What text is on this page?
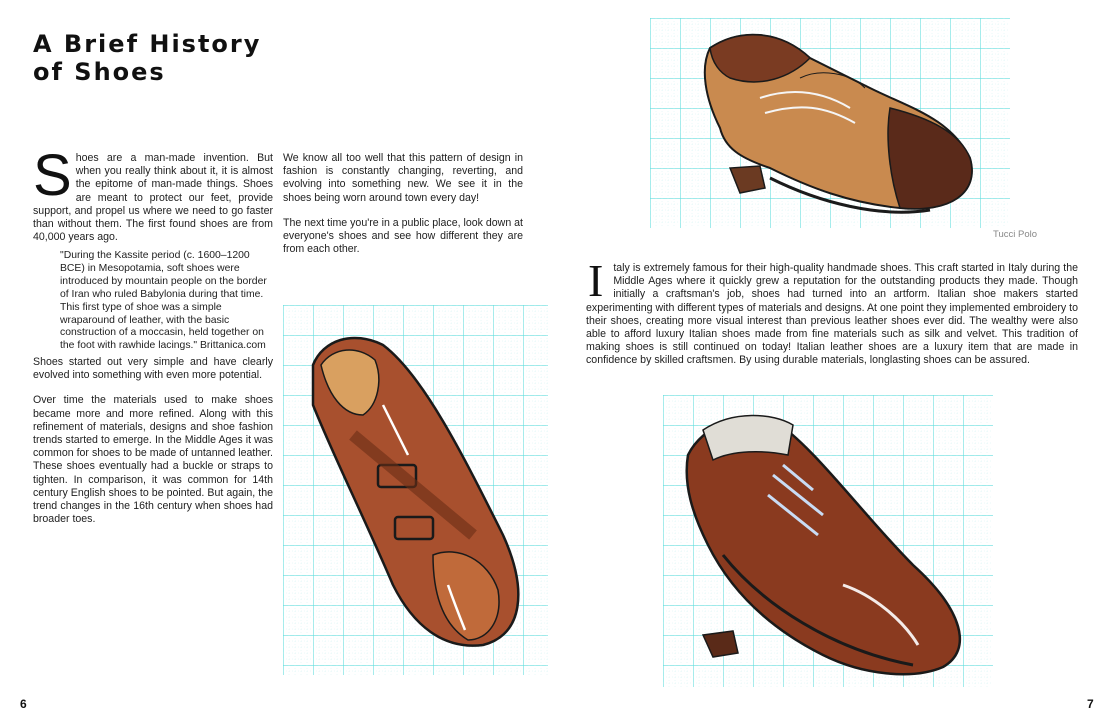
A Brief History of Shoes

Shoes are a man-made invention. But when you really think about it, it is almost the epitome of man-made things. Shoes are meant to protect our feet, provide support, and propel us where we need to go faster than without them. The first found shoes are from 40,000 years ago.

"During the Kassite period (c. 1600–1200 BCE) in Mesopotamia, soft shoes were introduced by mountain people on the border of Iran who ruled Babylonia during that time. This first type of shoe was a simple wraparound of leather, with the basic construction of a moccasin, held together on the foot with rawhide lacings." Brittanica.com

Shoes started out very simple and have clearly evolved into something with even more potential.

Over time the materials used to make shoes became more and more refined. Along with this refinement of materials, designs and shoe fashion trends started to emerge. In the Middle Ages it was common for shoes to be made of untanned leather. These shoes eventually had a buckle or straps to tighten. In comparison, it was common for 14th century English shoes to be pointed. But again, the trend changes in the 16th century when shoes had broader toes.

We know all too well that this pattern of design in fashion is constantly changing, reverting, and evolving into something new. We see it in the shoes being worn around town every day!

The next time you're in a public place, look down at everyone's shoes and see how different they are from each other.

Italy is extremely famous for their high-quality handmade shoes. This craft started in Italy during the Middle Ages where it quickly grew a reputation for the outstanding products they made. Though initially a craftsman's job, shoes had turned into an artform. Italian shoe makers started experimenting with different types of materials and designs. At one point they implemented embroidery to their shoes, creating more visual interest than previous leather shoes ever did. The wealthy were also able to afford luxury Italian shoes made from fine materials such as silk and velvet. This tradition of making shoes is still continued on today! Italian leather shoes are a luxury item that are made in confidence by skilled craftsmen. By using durable materials, longlasting shoes can be assured.

Tucci Polo
6	7
